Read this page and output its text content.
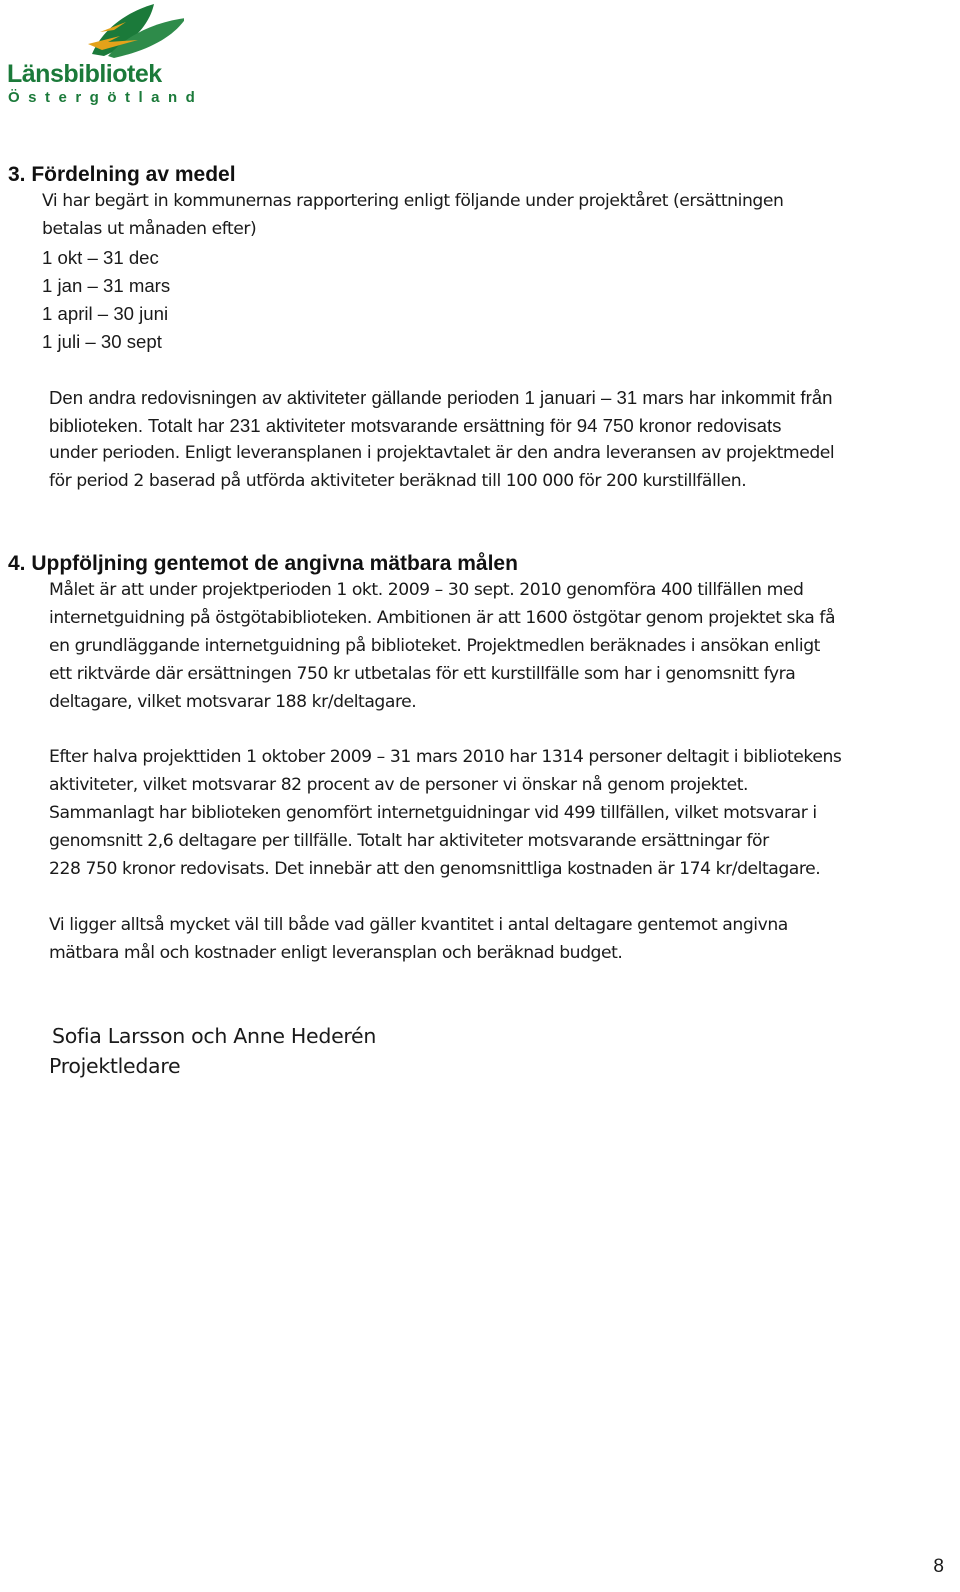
Länsbibliotek
Östergötland
3. Fördelning av medel
Vi har begärt in kommunernas rapportering enligt följande under projektåret (ersättningen
betalas ut månaden efter)
1 okt – 31 dec
1 jan – 31 mars
1 april – 30 juni
1 juli – 30 sept
Den andra redovisningen av aktiviteter gällande perioden 1 januari – 31 mars har inkommit från
biblioteken. Totalt har 231 aktiviteter motsvarande ersättning för 94 750 kronor redovisats
under perioden. Enligt leveransplanen i projektavtalet är den andra leveransen av projektmedel
för period 2 baserad på utförda aktiviteter beräknad till 100 000 för 200 kurstillfällen.
4. Uppföljning gentemot de angivna mätbara målen
Målet är att under projektperioden 1 okt. 2009 – 30 sept. 2010 genomföra 400 tillfällen med
internetguidning på östgötabiblioteken. Ambitionen är att 1600 östgötar genom projektet ska få
en grundläggande internetguidning på biblioteket. Projektmedlen beräknades i ansökan enligt
ett riktvärde där ersättningen 750 kr utbetalas för ett kurstillfälle som har i genomsnitt fyra
deltagare, vilket motsvarar 188 kr/deltagare.
Efter halva projekttiden 1 oktober 2009 – 31 mars 2010 har 1314 personer deltagit i bibliotekens
aktiviteter, vilket motsvarar 82 procent av de personer vi önskar nå genom projektet.
Sammanlagt har biblioteken genomfört internetguidningar vid 499 tillfällen, vilket motsvarar i
genomsnitt 2,6 deltagare per tillfälle. Totalt har aktiviteter motsvarande ersättningar för
228 750 kronor redovisats. Det innebär att den genomsnittliga kostnaden är 174 kr/deltagare.
Vi ligger alltså mycket väl till både vad gäller kvantitet i antal deltagare gentemot angivna
mätbara mål och kostnader enligt leveransplan och beräknad budget.
Sofia Larsson och Anne Hederén
Projektledare
8
